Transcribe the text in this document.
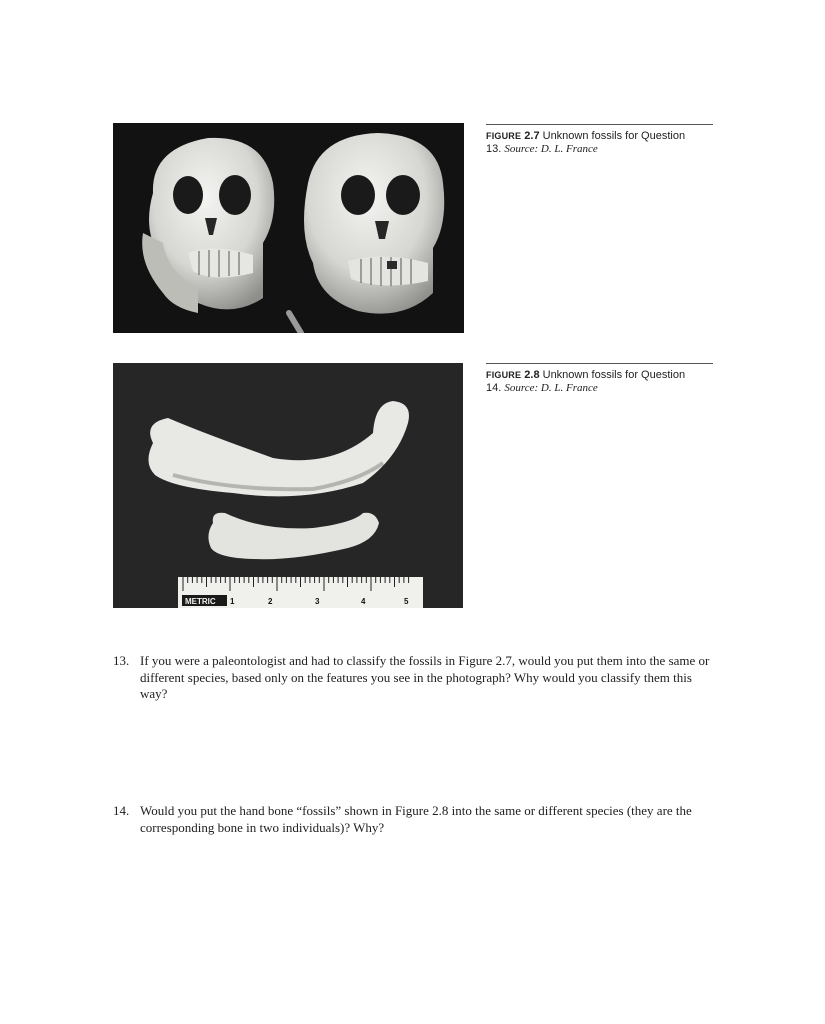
FIGURE 2.7 Unknown fossils for Question
13. Source: D. L. France
METRIC 1	2	3	4	5
FIGURE 2.8 Unknown fossils for Question
14. Source: D. L. France
13. If you were a paleontologist and had to classify the fossils in Figure 2.7, would you put them into the same or different species, based only on the features you see in the photograph? Why would you classify them this way?
14. Would you put the hand bone “fossils” shown in Figure 2.8 into the same or different species (they are the corresponding bone in two individuals)? Why?
